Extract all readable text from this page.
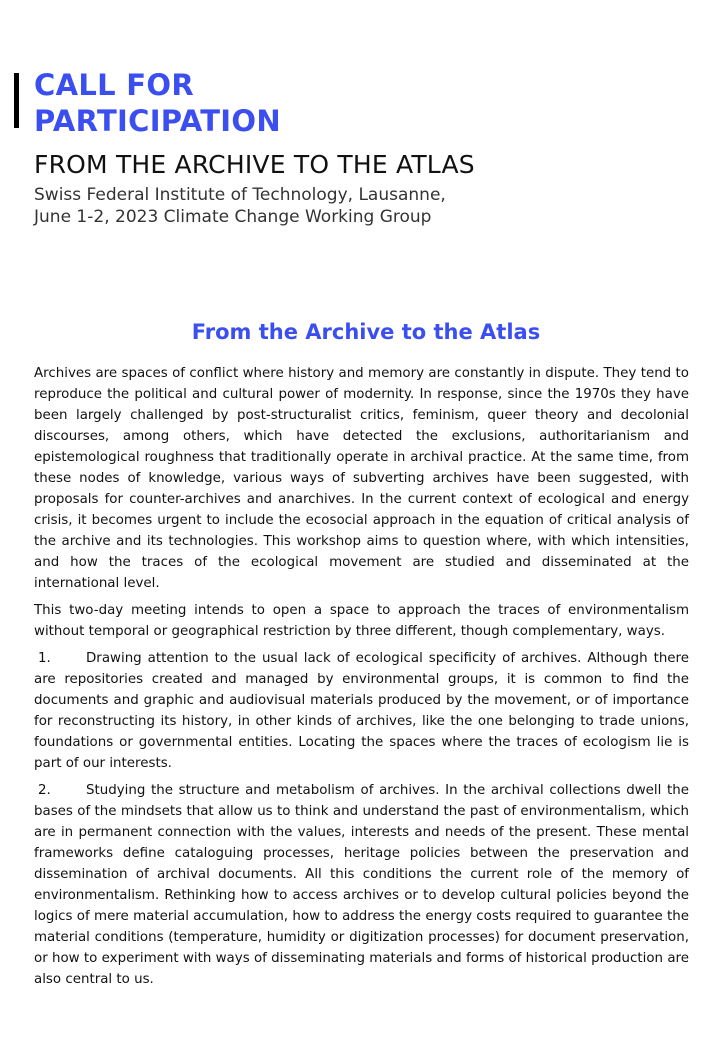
CALL FOR
PARTICIPATION
FROM THE ARCHIVE TO THE ATLAS
Swiss Federal Institute of Technology, Lausanne,
June 1-2, 2023 Climate Change Working Group
From the Archive to the Atlas

Archives are spaces of conflict where history and memory are constantly in dispute. They tend to reproduce the political and cultural power of modernity. In response, since the 1970s they have been largely challenged by post-structuralist critics, feminism, queer theory and decolonial discourses, among others, which have detected the exclusions, authoritarianism and epistemological roughness that traditionally operate in archival practice. At the same time, from these nodes of knowledge, various ways of subverting archives have been suggested, with proposals for counter-archives and anarchives. In the current context of ecological and energy crisis, it becomes urgent to include the ecosocial approach in the equation of critical analysis of the archive and its technologies. This workshop aims to question where, with which intensities, and how the traces of the ecological movement are studied and disseminated at the international level.

This two-day meeting intends to open a space to approach the traces of environmentalism without temporal or geographical restriction by three different, though complementary, ways.

1.	Drawing attention to the usual lack of ecological specificity of archives. Although there are repositories created and managed by environmental groups, it is common to find the documents and graphic and audiovisual materials produced by the movement, or of importance for reconstructing its history, in other kinds of archives, like the one belonging to trade unions, foundations or governmental entities. Locating the spaces where the traces of ecologism lie is part of our interests.

2.	Studying the structure and metabolism of archives. In the archival collections dwell the bases of the mindsets that allow us to think and understand the past of environmentalism, which are in permanent connection with the values, interests and needs of the present. These mental frameworks define cataloguing processes, heritage policies between the preservation and dissemination of archival documents. All this conditions the current role of the memory of environmentalism. Rethinking how to access archives or to develop cultural policies beyond the logics of mere material accumulation, how to address the energy costs required to guarantee the material conditions (temperature, humidity or digitization processes) for document preservation, or how to experiment with ways of disseminating materials and forms of historical production are also central to us.
